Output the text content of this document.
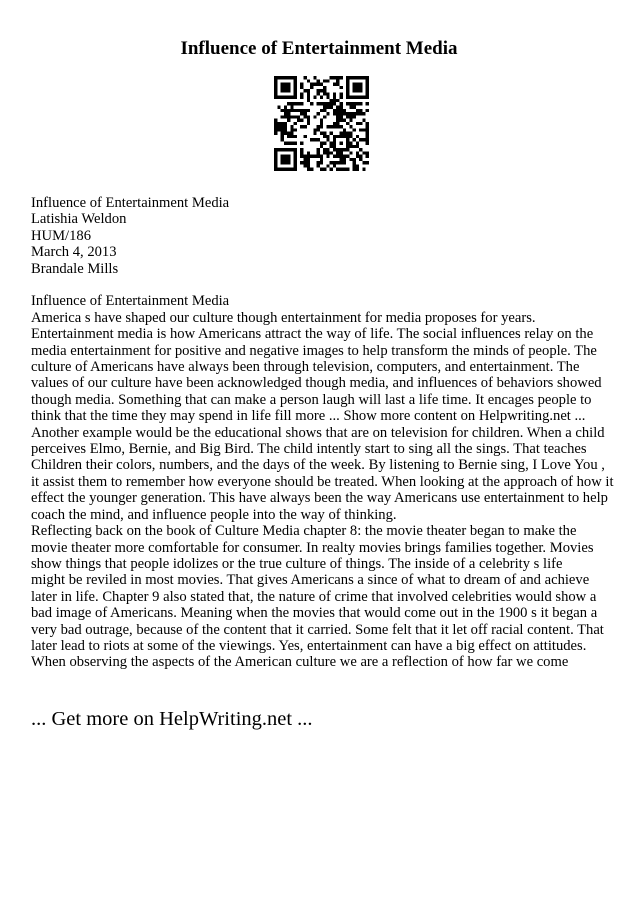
Influence of Entertainment Media
Influence of Entertainment Media
Latishia Weldon
HUM/186
March 4, 2013
Brandale Mills
Influence of Entertainment Media
America s have shaped our culture though entertainment for media proposes for years.
Entertainment media is how Americans attract the way of life. The social influences relay on the
media entertainment for positive and negative images to help transform the minds of people. The
culture of Americans have always been through television, computers, and entertainment. The
values of our culture have been acknowledged though media, and influences of behaviors showed
though media. Something that can make a person laugh will last a life time. It encages people to
think that the time they may spend in life fill more ... Show more content on Helpwriting.net ...
Another example would be the educational shows that are on television for children. When a child
perceives Elmo, Bernie, and Big Bird. The child intently start to sing all the sings. That teaches
Children their colors, numbers, and the days of the week. By listening to Bernie sing, I Love You ,
it assist them to remember how everyone should be treated. When looking at the approach of how it
effect the younger generation. This have always been the way Americans use entertainment to help
coach the mind, and influence people into the way of thinking.
Reflecting back on the book of Culture Media chapter 8: the movie theater began to make the
movie theater more comfortable for consumer. In realty movies brings families together. Movies
show things that people idolizes or the true culture of things. The inside of a celebrity s life
might be reviled in most movies. That gives Americans a since of what to dream of and achieve
later in life. Chapter 9 also stated that, the nature of crime that involved celebrities would show a
bad image of Americans. Meaning when the movies that would come out in the 1900 s it began a
very bad outrage, because of the content that it carried. Some felt that it let off racial content. That
later lead to riots at some of the viewings. Yes, entertainment can have a big effect on attitudes.
When observing the aspects of the American culture we are a reflection of how far we come
... Get more on HelpWriting.net ...
